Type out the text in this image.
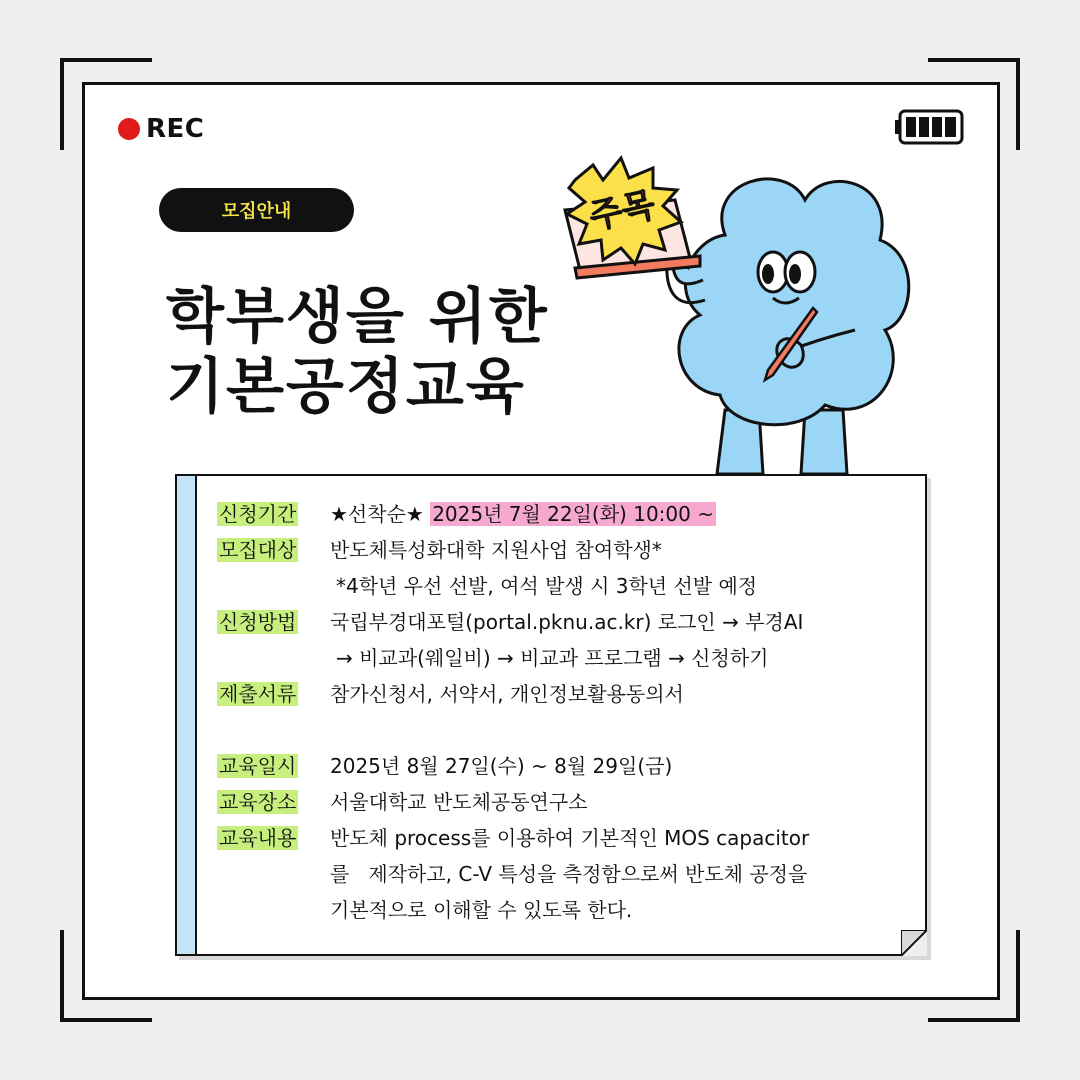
REC
모집안내
학부생을 위한
기본공정교육
주목
신청기간	★선착순★ 2025년 7월 22일(화) 10:00 ~
모집대상	반도체특성화대학 지원사업 참여학생*
*4학년 우선 선발, 여석 발생 시 3학년 선발 예정
신청방법	국립부경대포털(portal.pknu.ac.kr) 로그인 → 부경AI
→ 비교과(웨일비) → 비교과 프로그램 → 신청하기
제출서류	참가신청서, 서약서, 개인정보활용동의서
교육일시	2025년 8월 27일(수) ~ 8월 29일(금)
교육장소	서울대학교 반도체공동연구소
교육내용	반도체 process를 이용하여 기본적인 MOS capacitor
를   제작하고, C-V 특성을 측정함으로써 반도체 공정을
기본적으로 이해할 수 있도록 한다.
